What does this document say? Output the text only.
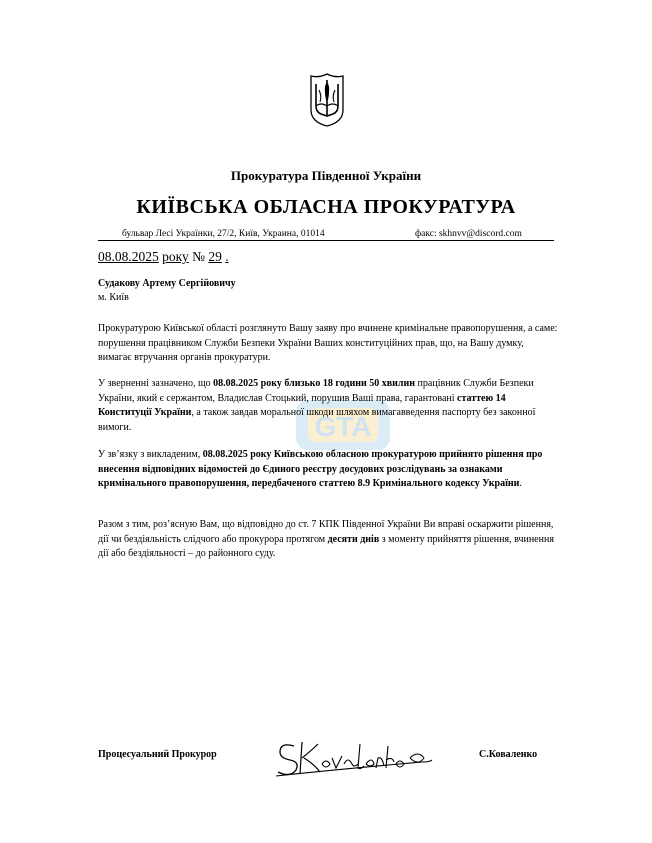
Прокуратура Південної України
КИЇВСЬКА ОБЛАСНА ПРОКУРАТУРА
бульвар Лесі Українки, 27/2, Київ, Украина, 01014	факс: skhnvv@discord.com
08.08.2025 року № 29 .
Судакову Артему Сергійовичу
м. Київ
GTA
Прокуратурою Київської області розглянуто Вашу заяву про вчинене кримінальне правопорушення, а саме: порушення працівником Служби Безпеки України Ваших конституційних прав, що, на Вашу думку, вимагає втручання органів прокуратури.
У зверненні зазначено, що 08.08.2025 року близько 18 години 50 хвилин працівник Служби Безпеки України, який є сержантом, Владислав Стоцький, порушив Ваші права, гарантовані статтею 14 Конституції України, а також завдав моральної шкоди шляхом вимагавведення паспорту без законної вимоги.
У зв’язку з викладеним, 08.08.2025 року Київською обласною прокуратурою прийнято рішення про внесення відповідних відомостей до Єдиного реєстру досудових розслідувань за ознаками кримінального правопорушення, передбаченого статтею 8.9 Кримінального кодексу України.
Разом з тим, роз’ясную Вам, що відповідно до ст. 7 КПК Південної України Ви вправі оскаржити рішення, дії чи бездіяльність слідчого або прокурора протягом десяти днів з моменту прийняття рішення, вчинення дії або бездіяльності – до районного суду.
Процесуальний Прокурор	С.Коваленко
